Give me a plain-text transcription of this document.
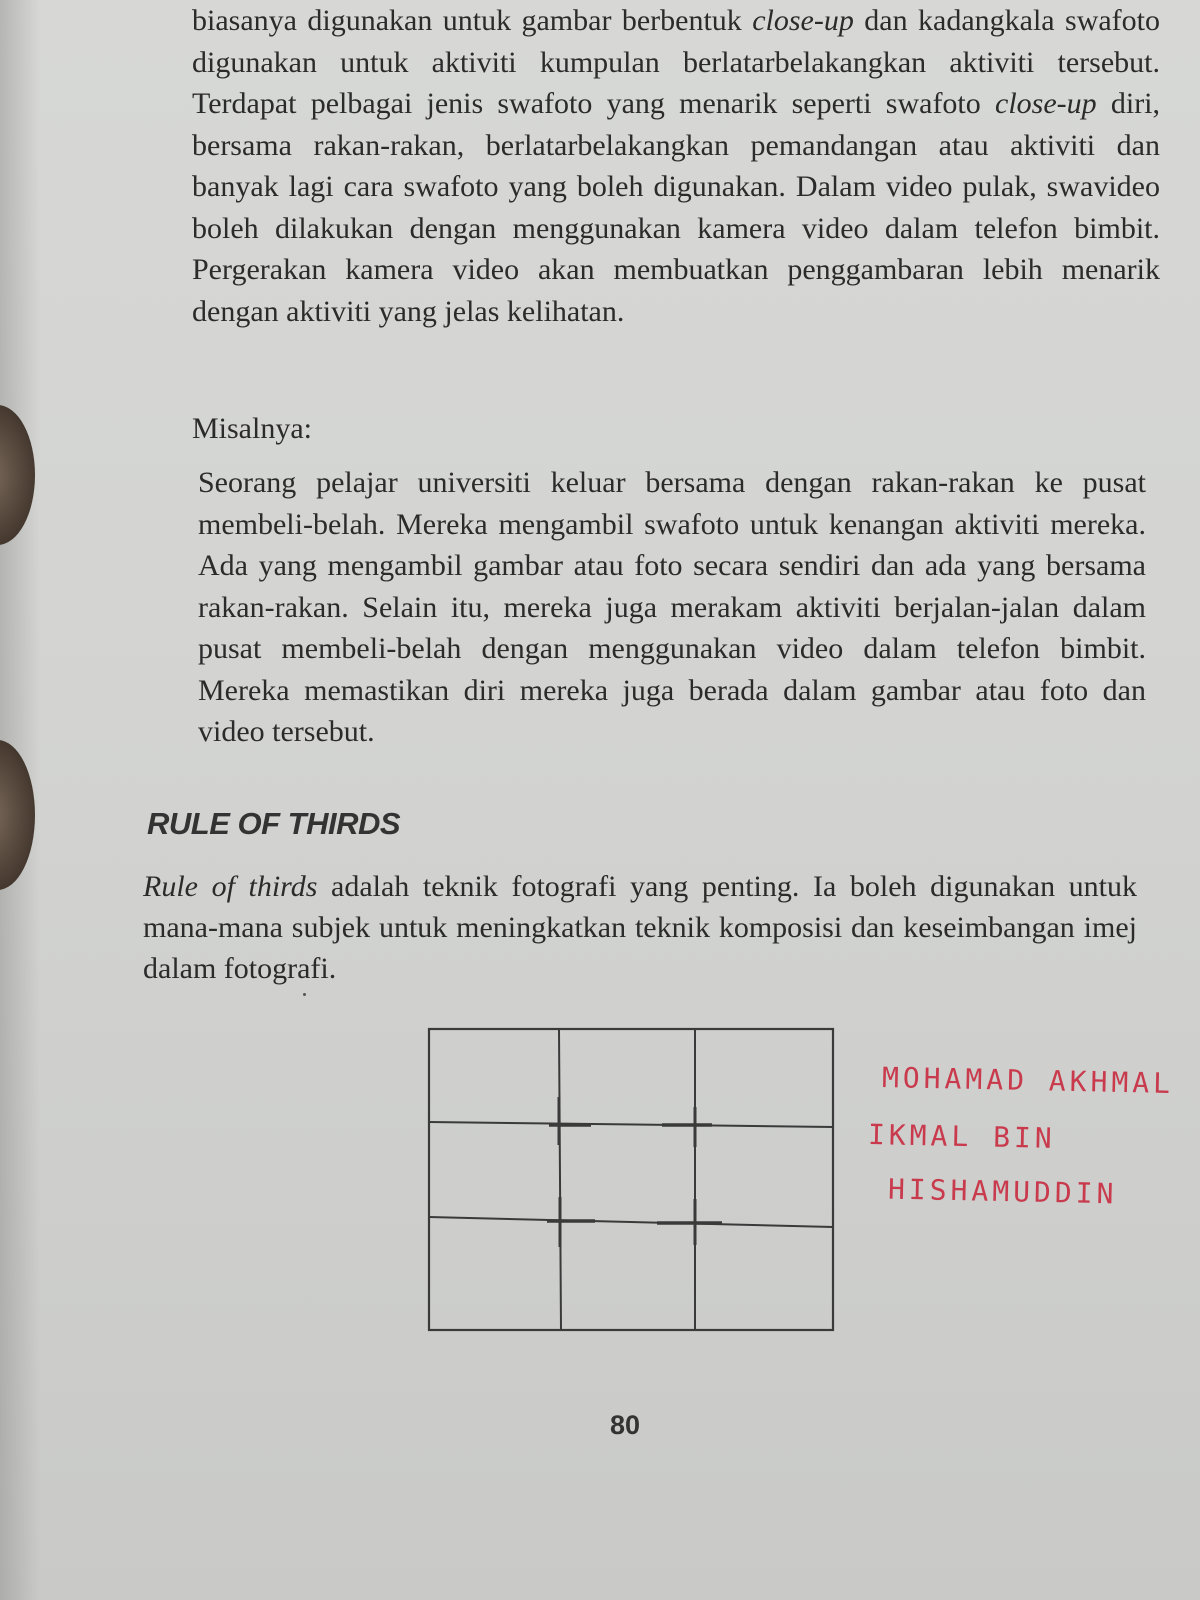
biasanya digunakan untuk gambar berbentuk close-up dan kadangkala swafoto digunakan untuk aktiviti kumpulan berlatarbelakangkan aktiviti tersebut. Terdapat pelbagai jenis swafoto yang menarik seperti swafoto close-up diri, bersama rakan-rakan, berlatarbelakangkan pemandangan atau aktiviti dan banyak lagi cara swafoto yang boleh digunakan. Dalam video pulak, swavideo boleh dilakukan dengan menggunakan kamera video dalam telefon bimbit. Pergerakan kamera video akan membuatkan penggambaran lebih menarik dengan aktiviti yang jelas kelihatan.

Misalnya:

Seorang pelajar universiti keluar bersama dengan rakan-rakan ke pusat membeli-belah. Mereka mengambil swafoto untuk kenangan aktiviti mereka. Ada yang mengambil gambar atau foto secara sendiri dan ada yang bersama rakan-rakan. Selain itu, mereka juga merakam aktiviti berjalan-jalan dalam pusat membeli-belah dengan menggunakan video dalam telefon bimbit. Mereka memastikan diri mereka juga berada dalam gambar atau foto dan video tersebut.

RULE OF THIRDS

Rule of thirds adalah teknik fotografi yang penting. Ia boleh digunakan untuk mana-mana subjek untuk meningkatkan teknik komposisi dan keseimbangan imej dalam fotografi.

MOHAMAD AKHMAL

IKMAL BIN

HISHAMUDDIN

80
